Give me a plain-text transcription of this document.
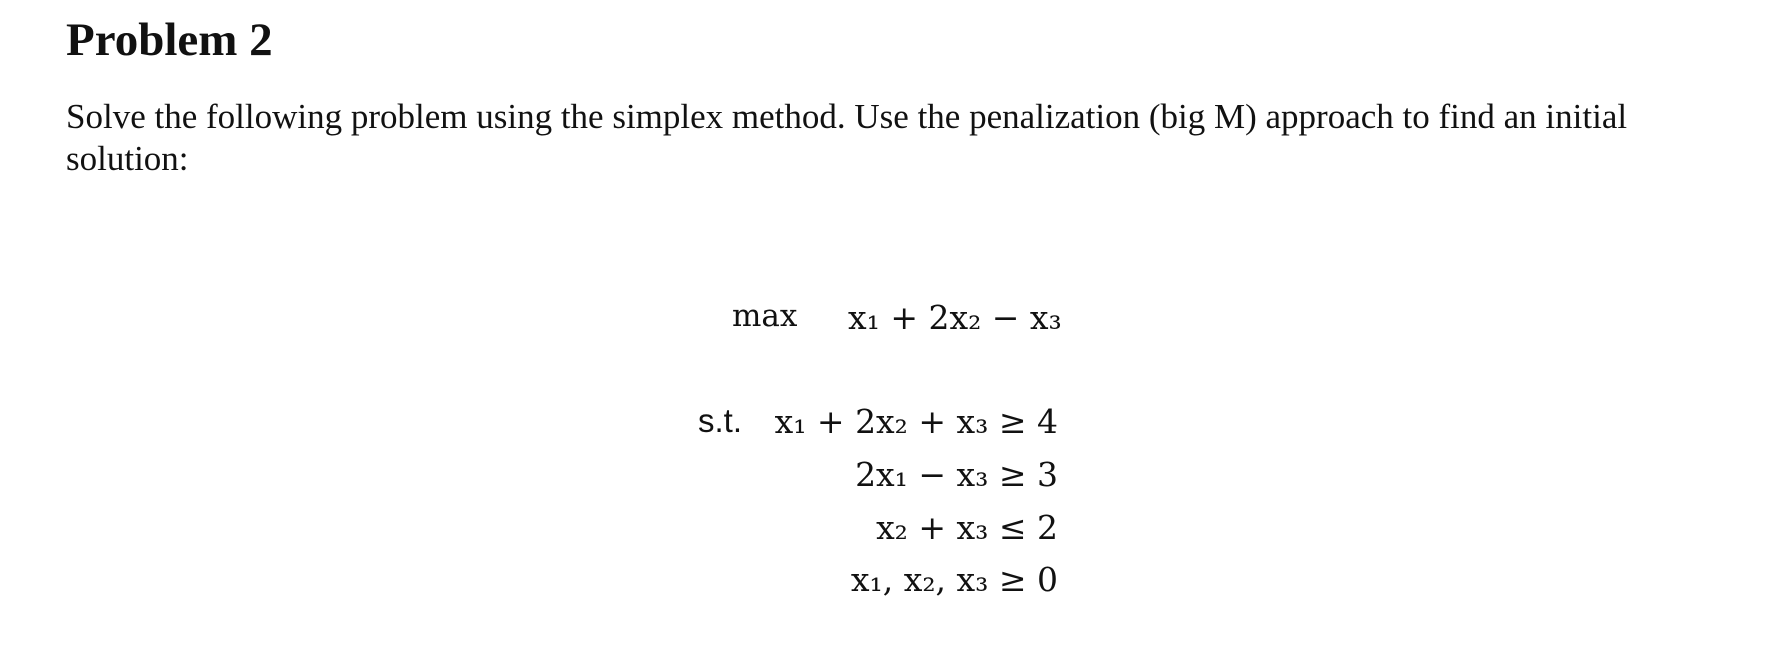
Problem 2

Solve the following problem using the simplex method. Use the penalization (big M) approach to find an initial solution:

max x₁ + 2x₂ − x₃
s.t. x₁ + 2x₂ + x₃ ≥ 4
2x₁ − x₃ ≥ 3
x₂ + x₃ ≤ 2
x₁, x₂, x₃ ≥ 0
